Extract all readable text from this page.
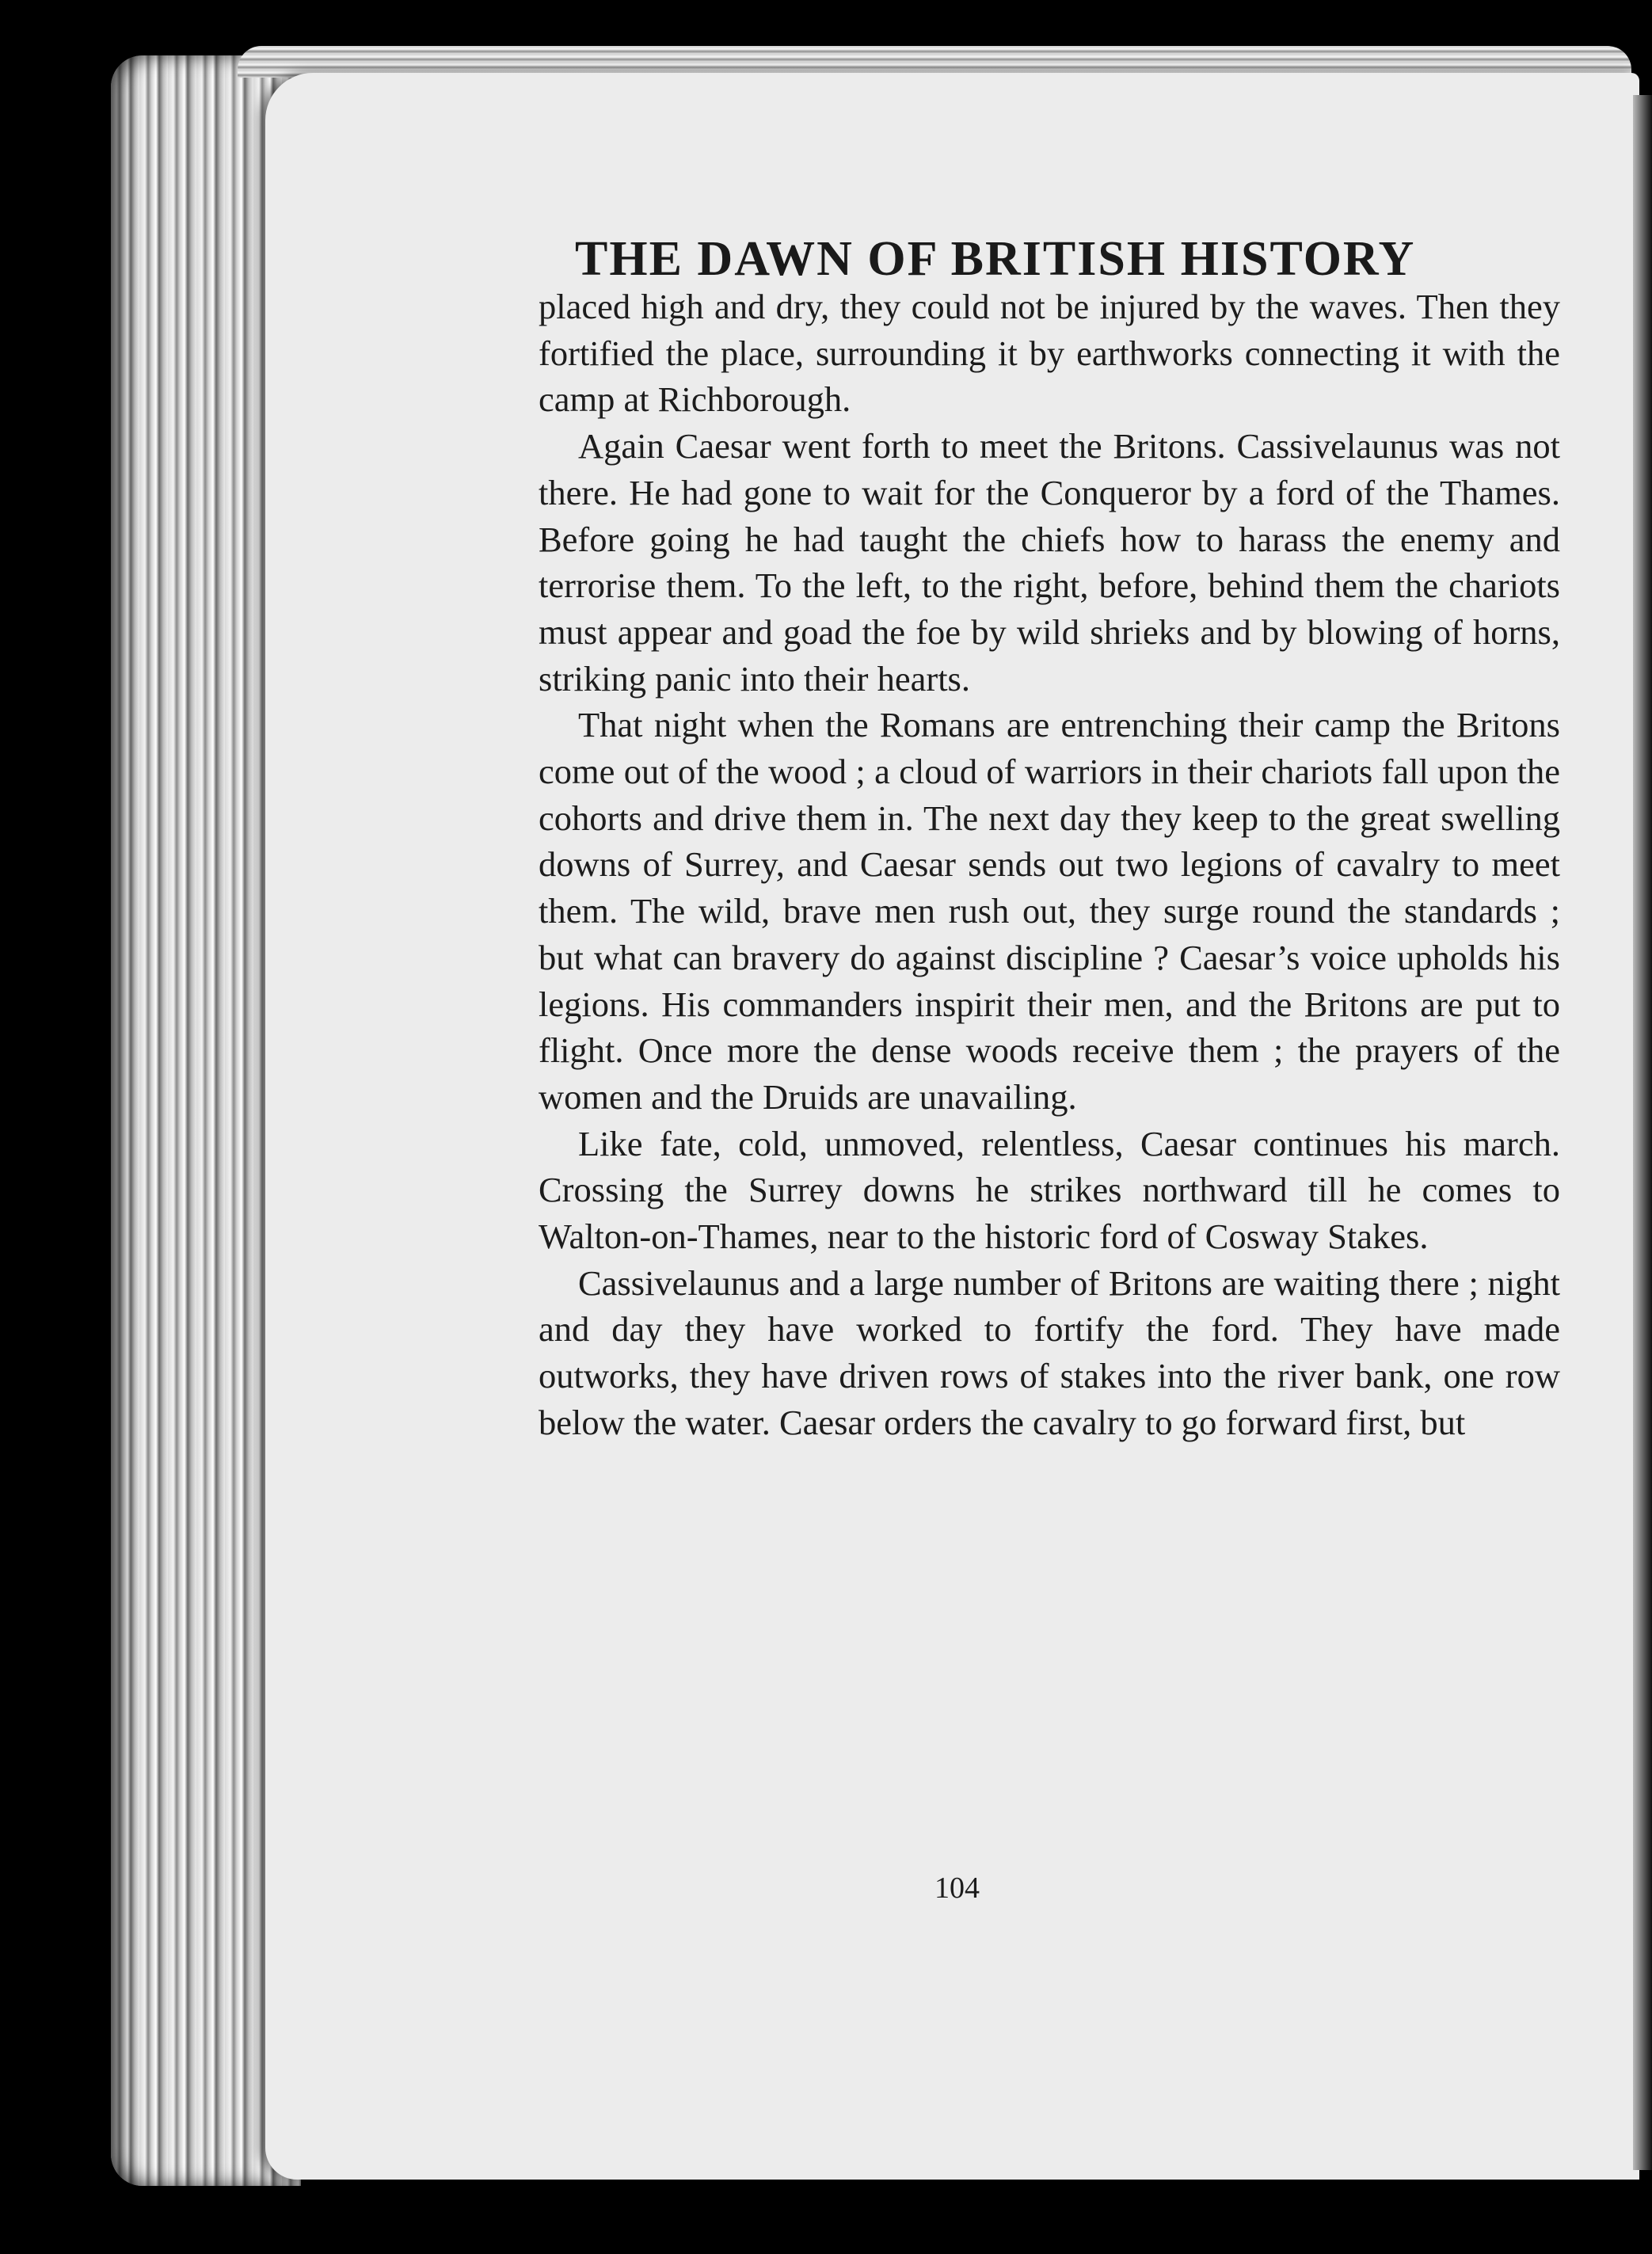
THE DAWN OF BRITISH HISTORY

placed high and dry, they could not be injured by the waves. Then they fortified the place, surrounding it by earthworks connecting it with the camp at Richborough.

Again Caesar went forth to meet the Britons. Cassivelaunus was not there. He had gone to wait for the Conqueror by a ford of the Thames. Before going he had taught the chiefs how to harass the enemy and terrorise them. To the left, to the right, before, behind them the chariots must appear and goad the foe by wild shrieks and by blowing of horns, striking panic into their hearts.

That night when the Romans are entrenching their camp the Britons come out of the wood ; a cloud of warriors in their chariots fall upon the cohorts and drive them in. The next day they keep to the great swelling downs of Surrey, and Caesar sends out two legions of cavalry to meet them. The wild, brave men rush out, they surge round the standards ; but what can bravery do against discipline ? Caesar’s voice upholds his legions. His commanders inspirit their men, and the Britons are put to flight. Once more the dense woods receive them ; the prayers of the women and the Druids are unavailing.

Like fate, cold, unmoved, relentless, Caesar continues his march. Crossing the Surrey downs he strikes northward till he comes to Walton-on-Thames, near to the historic ford of Cosway Stakes.

Cassivelaunus and a large number of Britons are waiting there ; night and day they have worked to fortify the ford. They have made outworks, they have driven rows of stakes into the river bank, one row below the water. Caesar orders the cavalry to go forward first, but

104
